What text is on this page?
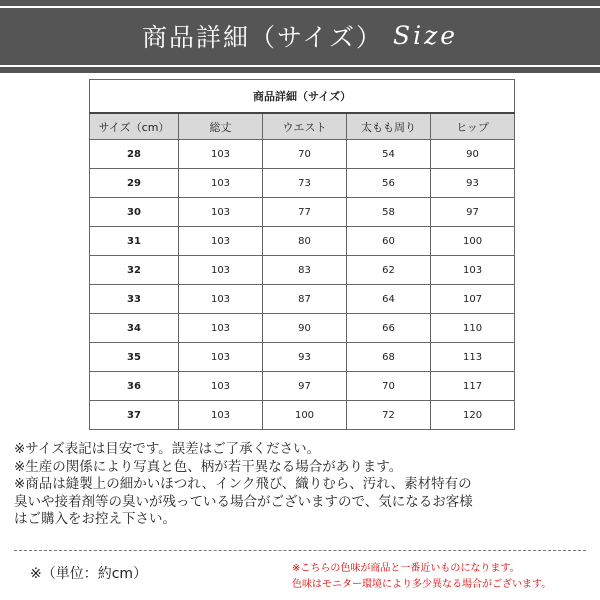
商品詳細（サイズ） Size
商品詳細（サイズ）				
サイズ（cm）	総丈	ウエスト	太もも周り	ヒップ
28	103	70	54	90
29	103	73	56	93
30	103	77	58	97
31	103	80	60	100
32	103	83	62	103
33	103	87	64	107
34	103	90	66	110
35	103	93	68	113
36	103	97	70	117
37	103	100	72	120
※サイズ表記は目安です。誤差はご了承ください。
※生産の関係により写真と色、柄が若干異なる場合があります。
※商品は縫製上の細かいほつれ、インク飛び、織りむら、汚れ、素材特有の
臭いや接着剤等の臭いが残っている場合がございますので、気になるお客様
はご購入をお控え下さい。
※（単位：約cm）	※こちらの色味が商品と一番近いものになります。
色味はモニター環境により多少異なる場合がございます。
